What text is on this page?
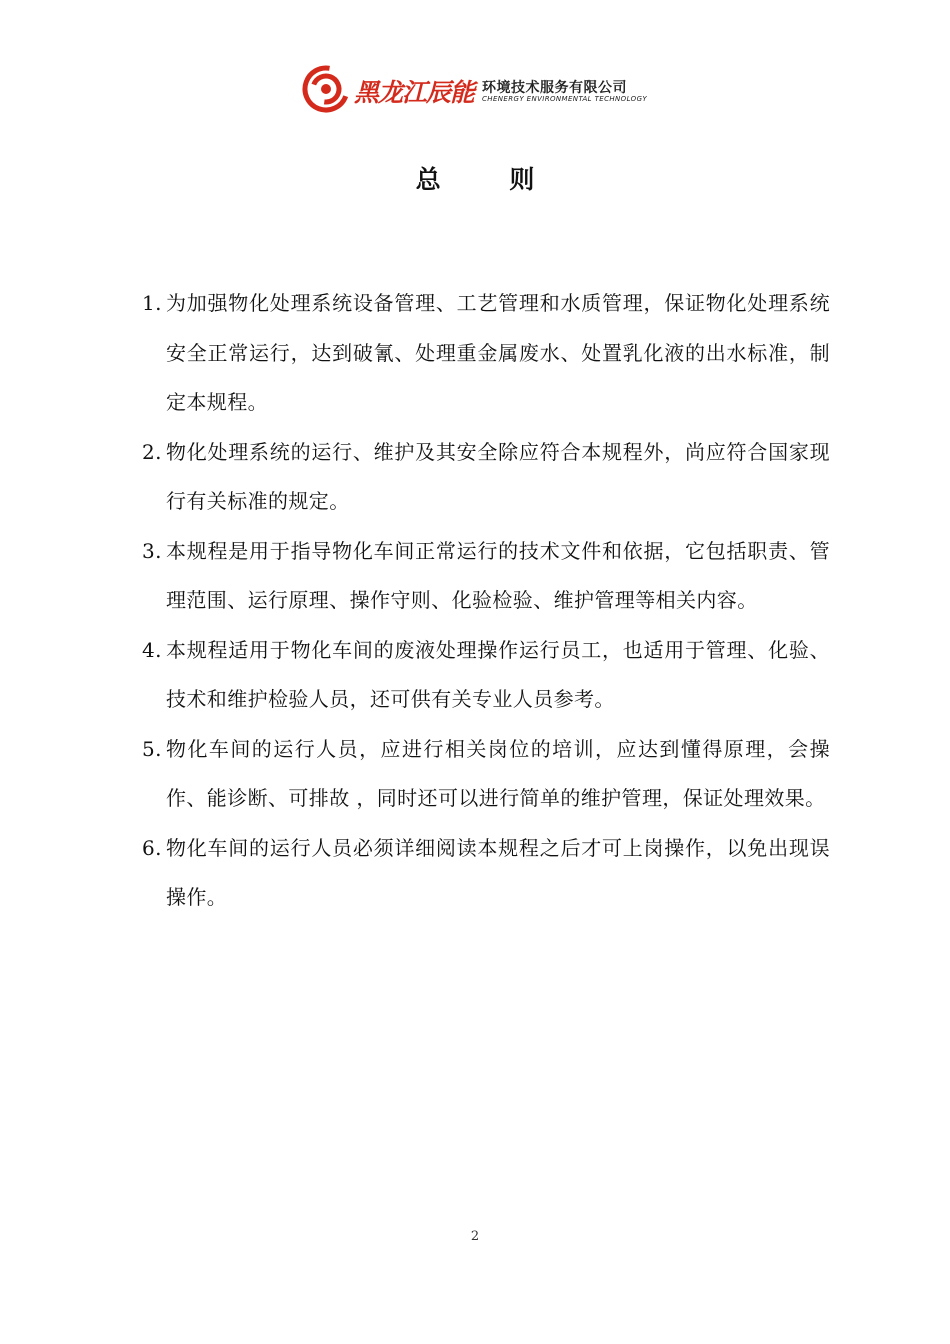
黑龙江辰能 环境技术服务有限公司
CHENERGY ENVIRONMENTAL TECHNOLOGY
总 则
1. 为加强物化处理系统设备管理、工艺管理和水质管理，保证物化处理系统安全正常运行，达到破氰、处理重金属废水、处置乳化液的出水标准，制定本规程。
2. 物化处理系统的运行、维护及其安全除应符合本规程外，尚应符合国家现行有关标准的规定。
3. 本规程是用于指导物化车间正常运行的技术文件和依据，它包括职责、管理范围、运行原理、操作守则、化验检验、维护管理等相关内容。
4. 本规程适用于物化车间的废液处理操作运行员工，也适用于管理、化验、技术和维护检验人员，还可供有关专业人员参考。
5. 物化车间的运行人员，应进行相关岗位的培训，应达到懂得原理，会操作、能诊断、可排故 ，同时还可以进行简单的维护管理，保证处理效果。
6. 物化车间的运行人员必须详细阅读本规程之后才可上岗操作，以免出现误操作。
2
